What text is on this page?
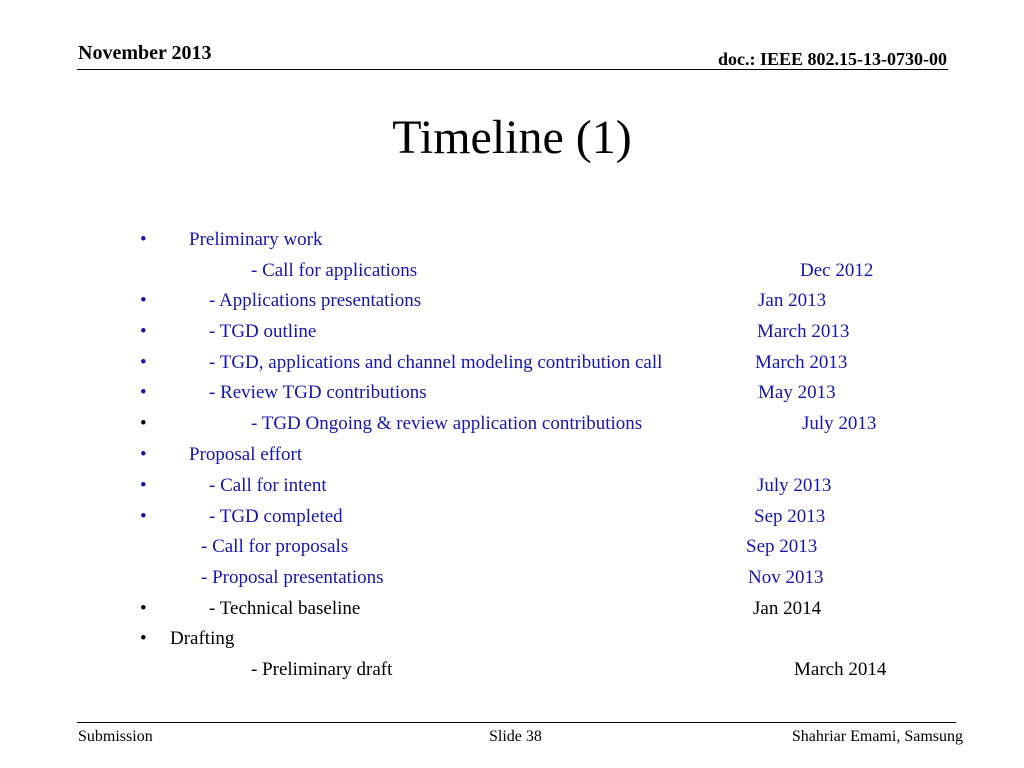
November 2013	doc.: IEEE 802.15-13-0730-00
Timeline (1)
• Preliminary work
- Call for applications	Dec 2012
•	- Applications presentations	Jan 2013
•	- TGD outline	March 2013
•	- TGD, applications and channel modeling contribution call	March 2013
•	- Review TGD contributions	May 2013
•	- TGD Ongoing & review application contributions	July 2013
• Proposal effort
•	- Call for intent	July 2013
•	- TGD completed	Sep 2013
- Call for proposals	Sep 2013
- Proposal presentations	Nov 2013
•	- Technical baseline	Jan 2014
• Drafting
- Preliminary draft	March 2014
Submission	Slide 38	Shahriar Emami, Samsung
